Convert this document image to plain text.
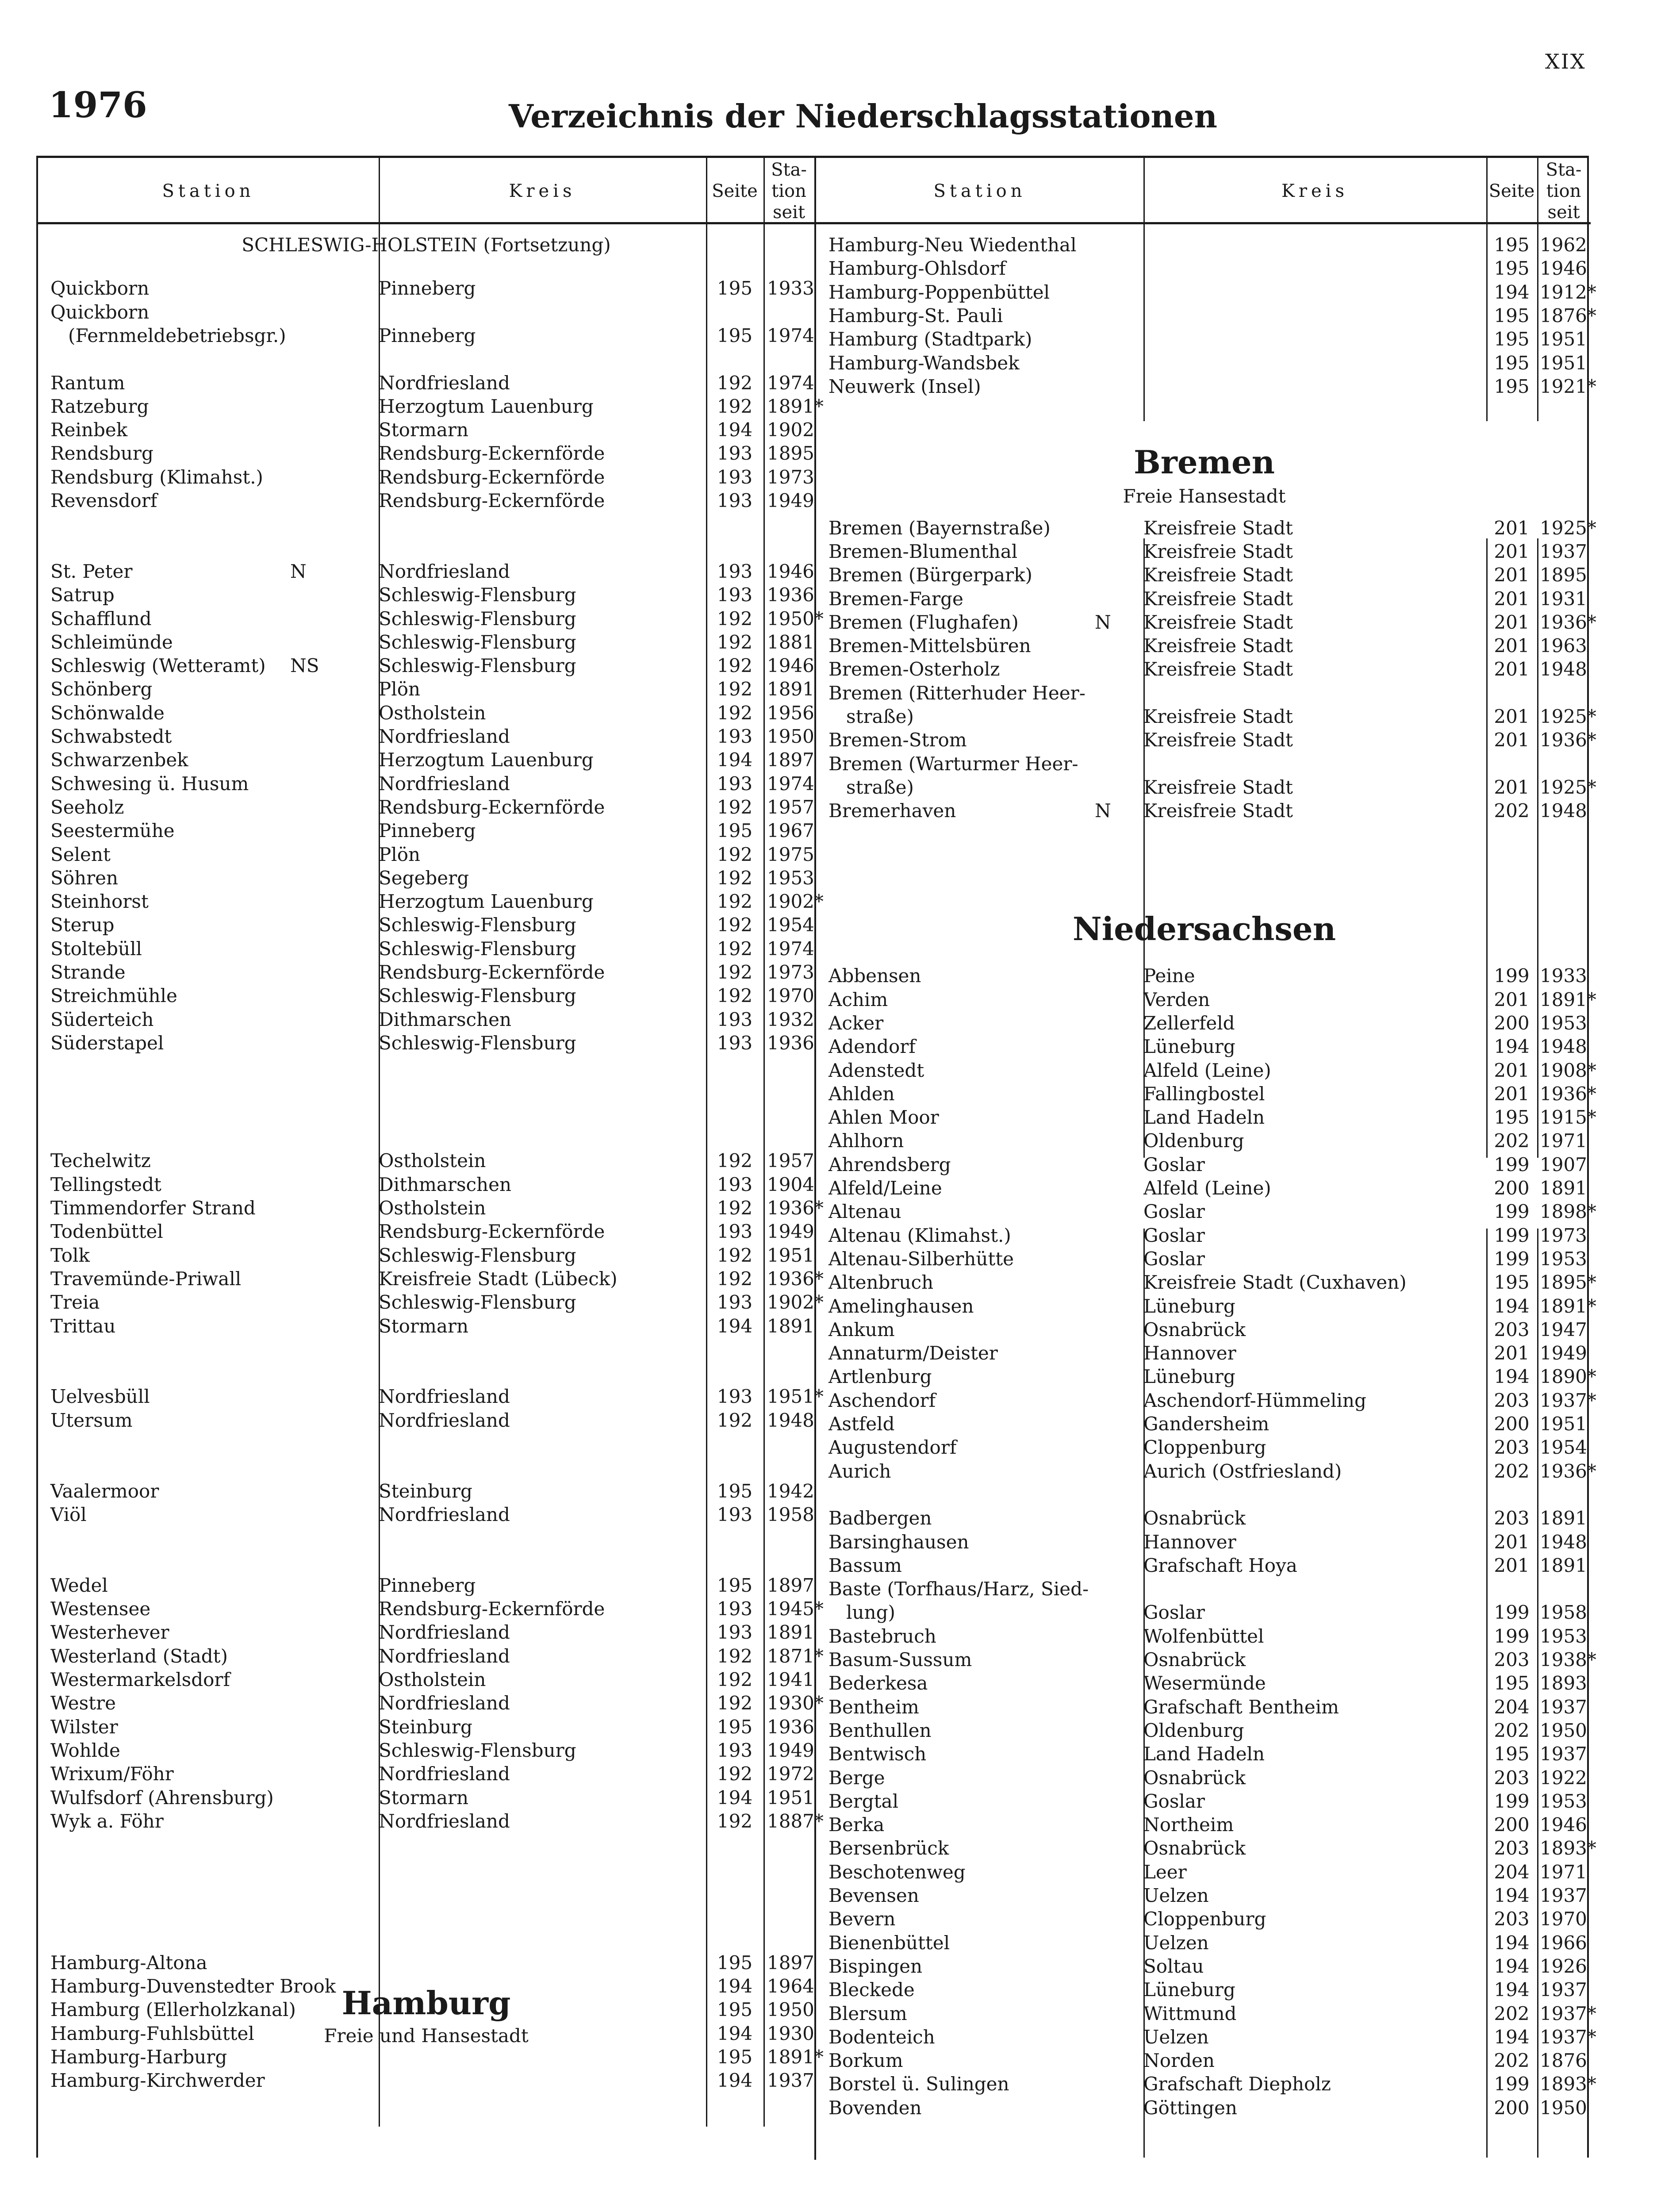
XIX
1976	Verzeichnis der Niederschlagsstationen
Station	Kreis	Seite
Sta-
tion
seit
SCHLESWIG-HOLSTEIN (Fortsetzung)
Hamburg
Freie und Hansestadt
Quickborn	Pinneberg	195 1933
Quickborn
(Fernmeldebetriebsgr.)	Pinneberg	195 1974
Rantum	Nordfriesland	192 1974
Ratzeburg	Herzogtum Lauenburg	192 1891*
Reinbek	Stormarn	194 1902
Rendsburg	Rendsburg-Eckernförde	193 1895
Rendsburg (Klimahst.)	Rendsburg-Eckernförde	193 1973
Revensdorf	Rendsburg-Eckernförde	193 1949
St. Peter	N	Nordfriesland	193 1946
Satrup	Schleswig-Flensburg	193 1936
Schafflund	Schleswig-Flensburg	192 1950*
Schleimünde	Schleswig-Flensburg	192 1881
Schleswig (Wetteramt) NS	Schleswig-Flensburg	192 1946
Schönberg	Plön	192 1891
Schönwalde	Ostholstein	192 1956
Schwabstedt	Nordfriesland	193 1950
Schwarzenbek	Herzogtum Lauenburg	194 1897
Schwesing ü. Husum	Nordfriesland	193 1974
Seeholz	Rendsburg-Eckernförde	192 1957
Seestermühe	Pinneberg	195 1967
Selent	Plön	192 1975
Söhren	Segeberg	192 1953
Steinhorst	Herzogtum Lauenburg	192 1902*
Sterup	Schleswig-Flensburg	192 1954
Stoltebüll	Schleswig-Flensburg	192 1974
Strande	Rendsburg-Eckernförde	192 1973
Streichmühle	Schleswig-Flensburg	192 1970
Süderteich	Dithmarschen	193 1932
Süderstapel	Schleswig-Flensburg	193 1936
Techelwitz	Ostholstein	192 1957
Tellingstedt	Dithmarschen	193 1904
Timmendorfer Strand	Ostholstein	192 1936*
Todenbüttel	Rendsburg-Eckernförde	193 1949
Tolk	Schleswig-Flensburg	192 1951
Travemünde-Priwall	Kreisfreie Stadt (Lübeck)	192 1936*
Treia	Schleswig-Flensburg	193 1902*
Trittau	Stormarn	194 1891
Uelvesbüll	Nordfriesland	193 1951*
Utersum	Nordfriesland	192 1948
Vaalermoor	Steinburg	195 1942
Viöl	Nordfriesland	193 1958
Wedel	Pinneberg	195 1897
Westensee	Rendsburg-Eckernförde	193 1945*
Westerhever	Nordfriesland	193 1891
Westerland (Stadt)	Nordfriesland	192 1871*
Westermarkelsdorf	Ostholstein	192 1941
Westre	Nordfriesland	192 1930*
Wilster	Steinburg	195 1936
Wohlde	Schleswig-Flensburg	193 1949
Wrixum/Föhr	Nordfriesland	192 1972
Wulfsdorf (Ahrensburg)	Stormarn	194 1951
Wyk a. Föhr	Nordfriesland	192 1887*
Hamburg-Altona	195 1897
Hamburg-Duvenstedter Brook	194 1964
Hamburg (Ellerholzkanal)	195 1950
Hamburg-Fuhlsbüttel	194 1930
Hamburg-Harburg	195 1891*
Hamburg-Kirchwerder	194 1937
Station	Kreis	Seite
Sta-
tion
seit
Bremen
Freie Hansestadt
Niedersachsen
Hamburg-Neu Wiedenthal	195 1962
Hamburg-Ohlsdorf	195 1946
Hamburg-Poppenbüttel	194 1912*
Hamburg-St. Pauli	195 1876*
Hamburg (Stadtpark)	195 1951
Hamburg-Wandsbek	195 1951
Neuwerk (Insel)	195 1921*
Bremen (Bayernstraße)	Kreisfreie Stadt	201 1925*
Bremen-Blumenthal	Kreisfreie Stadt	201 1937
Bremen (Bürgerpark)	Kreisfreie Stadt	201 1895
Bremen-Farge	Kreisfreie Stadt	201 1931
Bremen (Flughafen)	N Kreisfreie Stadt	201 1936*
Bremen-Mittelsbüren	Kreisfreie Stadt	201 1963
Bremen-Osterholz	Kreisfreie Stadt	201 1948
Bremen (Ritterhuder Heer-
straße)	Kreisfreie Stadt	201 1925*
Bremen-Strom	Kreisfreie Stadt	201 1936*
Bremen (Warturmer Heer-
straße)	Kreisfreie Stadt	201 1925*
Bremerhaven	N Kreisfreie Stadt	202 1948
Abbensen	Peine	199 1933
Achim	Verden	201 1891*
Acker	Zellerfeld	200 1953
Adendorf	Lüneburg	194 1948
Adenstedt	Alfeld (Leine)	201 1908*
Ahlden	Fallingbostel	201 1936*
Ahlen Moor	Land Hadeln	195 1915*
Ahlhorn	Oldenburg	202 1971
Ahrendsberg	Goslar	199 1907
Alfeld/Leine	Alfeld (Leine)	200 1891
Altenau	Goslar	199 1898*
Altenau (Klimahst.)	Goslar	199 1973
Altenau-Silberhütte	Goslar	199 1953
Altenbruch	Kreisfreie Stadt (Cuxhaven)	195 1895*
Amelinghausen	Lüneburg	194 1891*
Ankum	Osnabrück	203 1947
Annaturm/Deister	Hannover	201 1949
Artlenburg	Lüneburg	194 1890*
Aschendorf	Aschendorf-Hümmeling	203 1937*
Astfeld	Gandersheim	200 1951
Augustendorf	Cloppenburg	203 1954
Aurich	Aurich (Ostfriesland)	202 1936*
Badbergen	Osnabrück	203 1891
Barsinghausen	Hannover	201 1948
Bassum	Grafschaft Hoya	201 1891
Baste (Torfhaus/Harz, Sied-
lung)	Goslar	199 1958
Bastebruch	Wolfenbüttel	199 1953
Basum-Sussum	Osnabrück	203 1938*
Bederkesa	Wesermünde	195 1893
Bentheim	Grafschaft Bentheim	204 1937
Benthullen	Oldenburg	202 1950
Bentwisch	Land Hadeln	195 1937
Berge	Osnabrück	203 1922
Bergtal	Goslar	199 1953
Berka	Northeim	200 1946
Bersenbrück	Osnabrück	203 1893*
Beschotenweg	Leer	204 1971
Bevensen	Uelzen	194 1937
Bevern	Cloppenburg	203 1970
Bienenbüttel	Uelzen	194 1966
Bispingen	Soltau	194 1926
Bleckede	Lüneburg	194 1937
Blersum	Wittmund	202 1937*
Bodenteich	Uelzen	194 1937*
Borkum	Norden	202 1876
Borstel ü. Sulingen	Grafschaft Diepholz	199 1893*
Bovenden	Göttingen	200 1950
